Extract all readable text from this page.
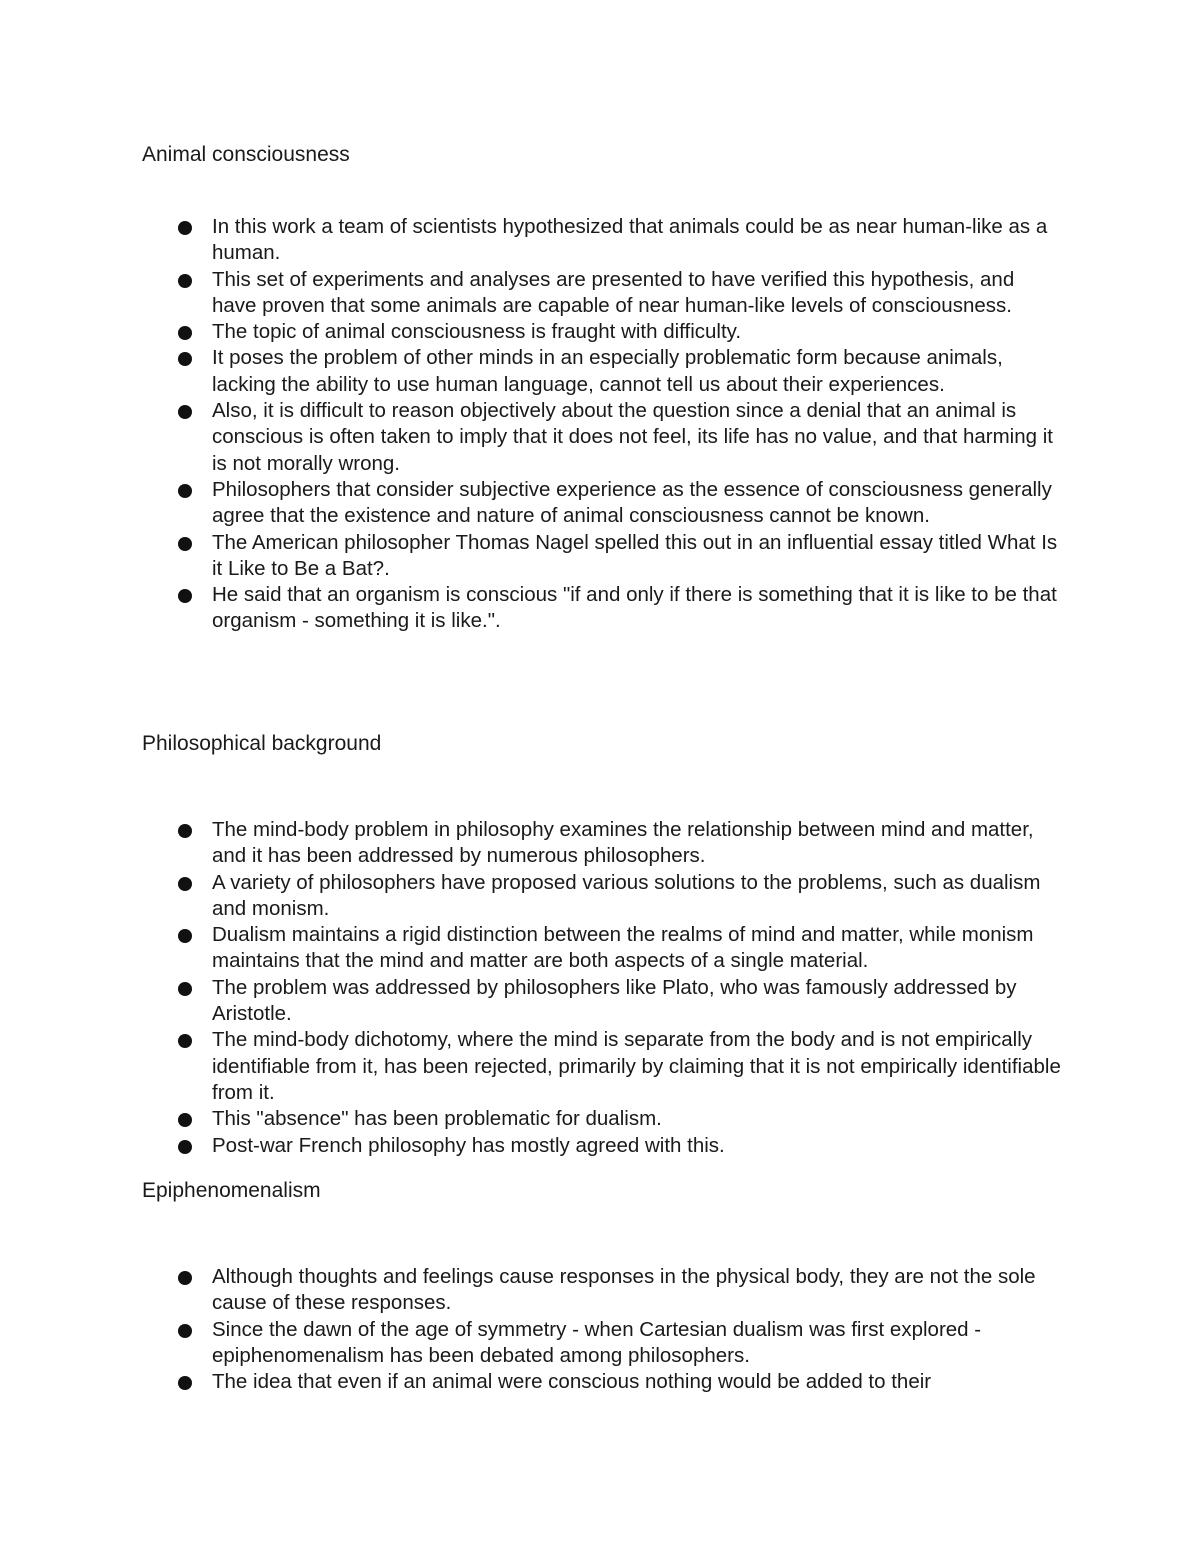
Animal consciousness
In this work a team of scientists hypothesized that animals could be as near human-like as a human.
This set of experiments and analyses are presented to have verified this hypothesis, and have proven that some animals are capable of near human-like levels of consciousness.
The topic of animal consciousness is fraught with difficulty.
It poses the problem of other minds in an especially problematic form because animals, lacking the ability to use human language, cannot tell us about their experiences.
Also, it is difficult to reason objectively about the question since a denial that an animal is conscious is often taken to imply that it does not feel, its life has no value, and that harming it is not morally wrong.
Philosophers that consider subjective experience as the essence of consciousness generally agree that the existence and nature of animal consciousness cannot be known.
The American philosopher Thomas Nagel spelled this out in an influential essay titled What Is it Like to Be a Bat?.
He said that an organism is conscious "if and only if there is something that it is like to be that organism - something it is like.".
Philosophical background
The mind-body problem in philosophy examines the relationship between mind and matter, and it has been addressed by numerous philosophers.
A variety of philosophers have proposed various solutions to the problems, such as dualism and monism.
Dualism maintains a rigid distinction between the realms of mind and matter, while monism maintains that the mind and matter are both aspects of a single material.
The problem was addressed by philosophers like Plato, who was famously addressed by Aristotle.
The mind-body dichotomy, where the mind is separate from the body and is not empirically identifiable from it, has been rejected, primarily by claiming that it is not empirically identifiable from it.
This "absence" has been problematic for dualism.
Post-war French philosophy has mostly agreed with this.
Epiphenomenalism
Although thoughts and feelings cause responses in the physical body, they are not the sole cause of these responses.
Since the dawn of the age of symmetry - when Cartesian dualism was first explored - epiphenomenalism has been debated among philosophers.
The idea that even if an animal were conscious nothing would be added to their
